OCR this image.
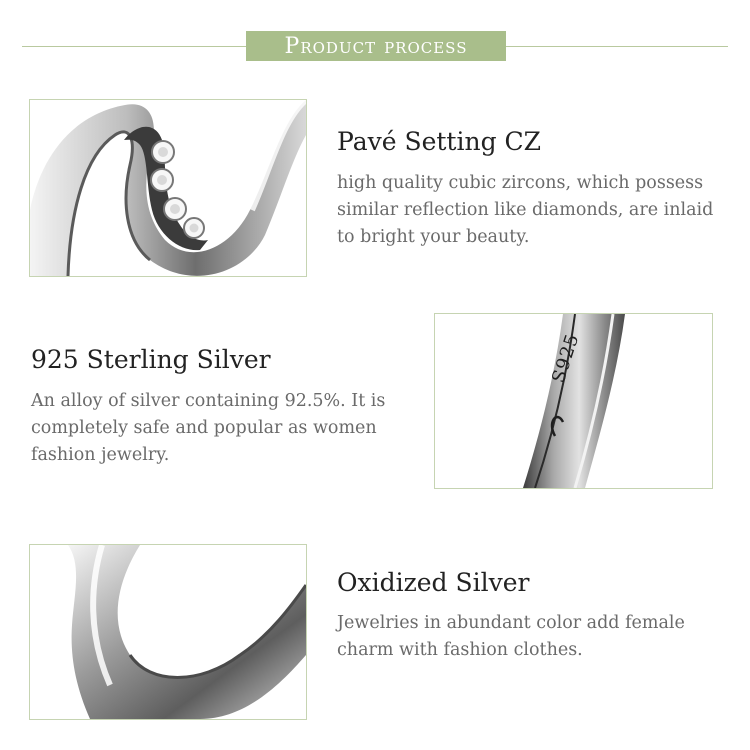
Product process
Pavé Setting CZ
high quality cubic zircons, which possess similar reflection like diamonds, are inlaid to bright your beauty.
925 Sterling Silver
An alloy of silver containing 92.5%. It is completely safe and popular as women fashion jewelry.
S925
Oxidized Silver
Jewelries in abundant color add female charm with fashion clothes.
